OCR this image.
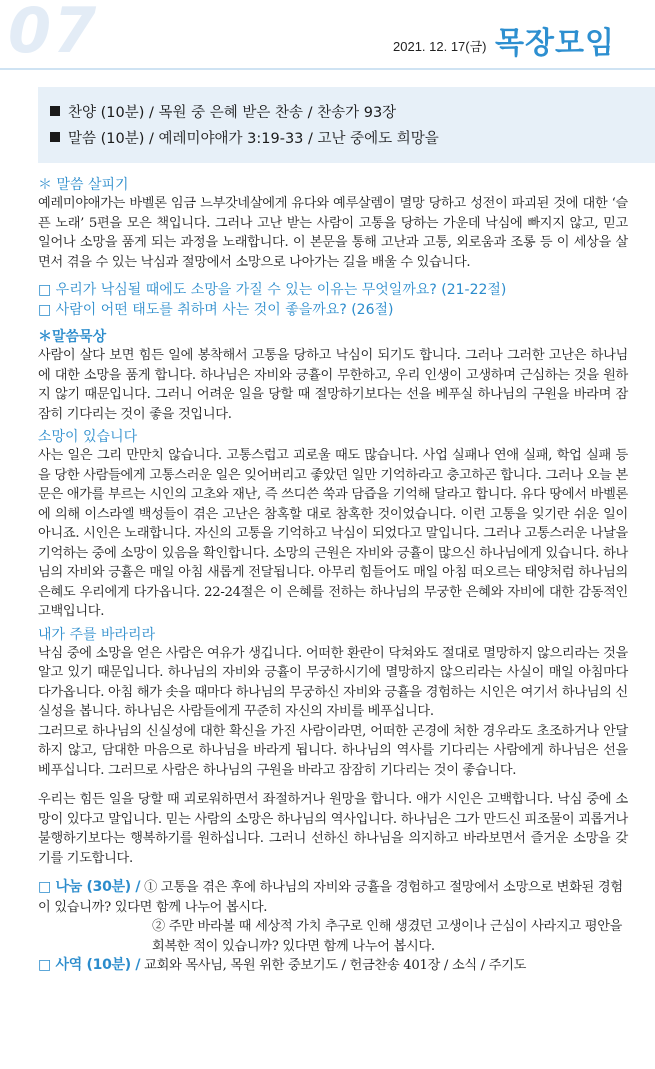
07	2021. 12. 17(금) 목장모임
찬양 (10분) / 목원 중 은혜 받은 찬송 / 찬송가 93장
말씀 (10분) / 예레미야애가 3:19-33 / 고난 중에도 희망을
＊ 말씀 살피기

예레미야애가는 바벨론 임금 느부갓네살에게 유다와 예루살렘이 멸망 당하고 성전이 파괴된 것에 대한 ‘슬픈 노래’ 5편을 모은 책입니다. 그러나 고난 받는 사람이 고통을 당하는 가운데 낙심에 빠지지 않고, 믿고 일어나 소망을 품게 되는 과정을 노래합니다. 이 본문을 통해 고난과 고통, 외로움과 조롱 등 이 세상을 살면서 겪을 수 있는 낙심과 절망에서 소망으로 나아가는 길을 배울 수 있습니다.

□ 우리가 낙심될 때에도 소망을 가질 수 있는 이유는 무엇일까요? (21-22절)
□ 사람이 어떤 태도를 취하며 사는 것이 좋을까요? (26절)
＊말씀묵상

사람이 살다 보면 힘든 일에 봉착해서 고통을 당하고 낙심이 되기도 합니다. 그러나 그러한 고난은 하나님에 대한 소망을 품게 합니다. 하나님은 자비와 긍휼이 무한하고, 우리 인생이 고생하며 근심하는 것을 원하지 않기 때문입니다. 그러니 어려운 일을 당할 때 절망하기보다는 선을 베푸실 하나님의 구원을 바라며 잠잠히 기다리는 것이 좋을 것입니다.

소망이 있습니다

사는 일은 그리 만만치 않습니다. 고통스럽고 괴로울 때도 많습니다. 사업 실패나 연애 실패, 학업 실패 등 을 당한 사람들에게 고통스러운 일은 잊어버리고 좋았던 일만 기억하라고 충고하곤 합니다. 그러나 오늘 본문은 애가를 부르는 시인의 고초와 재난, 즉 쓰디쓴 쑥과 담즙을 기억해 달라고 합니다. 유다 땅에서 바벨론에 의해 이스라엘 백성들이 겪은 고난은 참혹할 대로 참혹한 것이었습니다. 이런 고통을 잊기란 쉬운 일이 아니죠. 시인은 노래합니다. 자신의 고통을 기억하고 낙심이 되었다고 말입니다. 그러나 고통스러운 나날을 기억하는 중에 소망이 있음을 확인합니다. 소망의 근원은 자비와 긍휼이 많으신 하나님에게 있습니다. 하나님의 자비와 긍휼은 매일 아침 새롭게 전달됩니다. 아무리 힘들어도 매일 아침 떠오르는 태양처럼 하나님의 은혜도 우리에게 다가옵니다. 22-24절은 이 은혜를 전하는 하나님의 무궁한 은혜와 자비에 대한 감동적인 고백입니다.

내가 주를 바라리라

낙심 중에 소망을 얻은 사람은 여유가 생깁니다. 어떠한 환란이 닥쳐와도 절대로 멸망하지 않으리라는 것을 알고 있기 때문입니다. 하나님의 자비와 긍휼이 무궁하시기에 멸망하지 않으리라는 사실이 매일 아침마다 다가옵니다. 아침 해가 솟을 때마다 하나님의 무궁하신 자비와 긍휼을 경험하는 시인은 여기서 하나님의 신실성을 봅니다. 하나님은 사람들에게 꾸준히 자신의 자비를 베푸십니다.

그러므로 하나님의 신실성에 대한 확신을 가진 사람이라면, 어떠한 곤경에 처한 경우라도 초조하거나 안달하지 않고, 담대한 마음으로 하나님을 바라게 됩니다. 하나님의 역사를 기다리는 사람에게 하나님은 선을 베푸십니다. 그러므로 사람은 하나님의 구원을 바라고 잠잠히 기다리는 것이 좋습니다.

우리는 힘든 일을 당할 때 괴로워하면서 좌절하거나 원망을 합니다. 애가 시인은 고백합니다. 낙심 중에 소망이 있다고 말입니다. 믿는 사람의 소망은 하나님의 역사입니다. 하나님은 그가 만드신 피조물이 괴롭거나 불행하기보다는 행복하기를 원하십니다. 그러니 선하신 하나님을 의지하고 바라보면서 즐거운 소망을 갖기를 기도합니다.

□ 나눔 (30분) / ① 고통을 겪은 후에 하나님의 자비와 긍휼을 경험하고 절망에서 소망으로 변화된 경험이 있습니까? 있다면 함께 나누어 봅시다.
② 주만 바라볼 때 세상적 가치 추구로 인해 생겼던 고생이나 근심이 사라지고 평안을 회복한 적이 있습니까? 있다면 함께 나누어 봅시다.
□ 사역 (10분) / 교회와 목사님, 목원 위한 중보기도 / 헌금찬송 401장 / 소식 / 주기도
